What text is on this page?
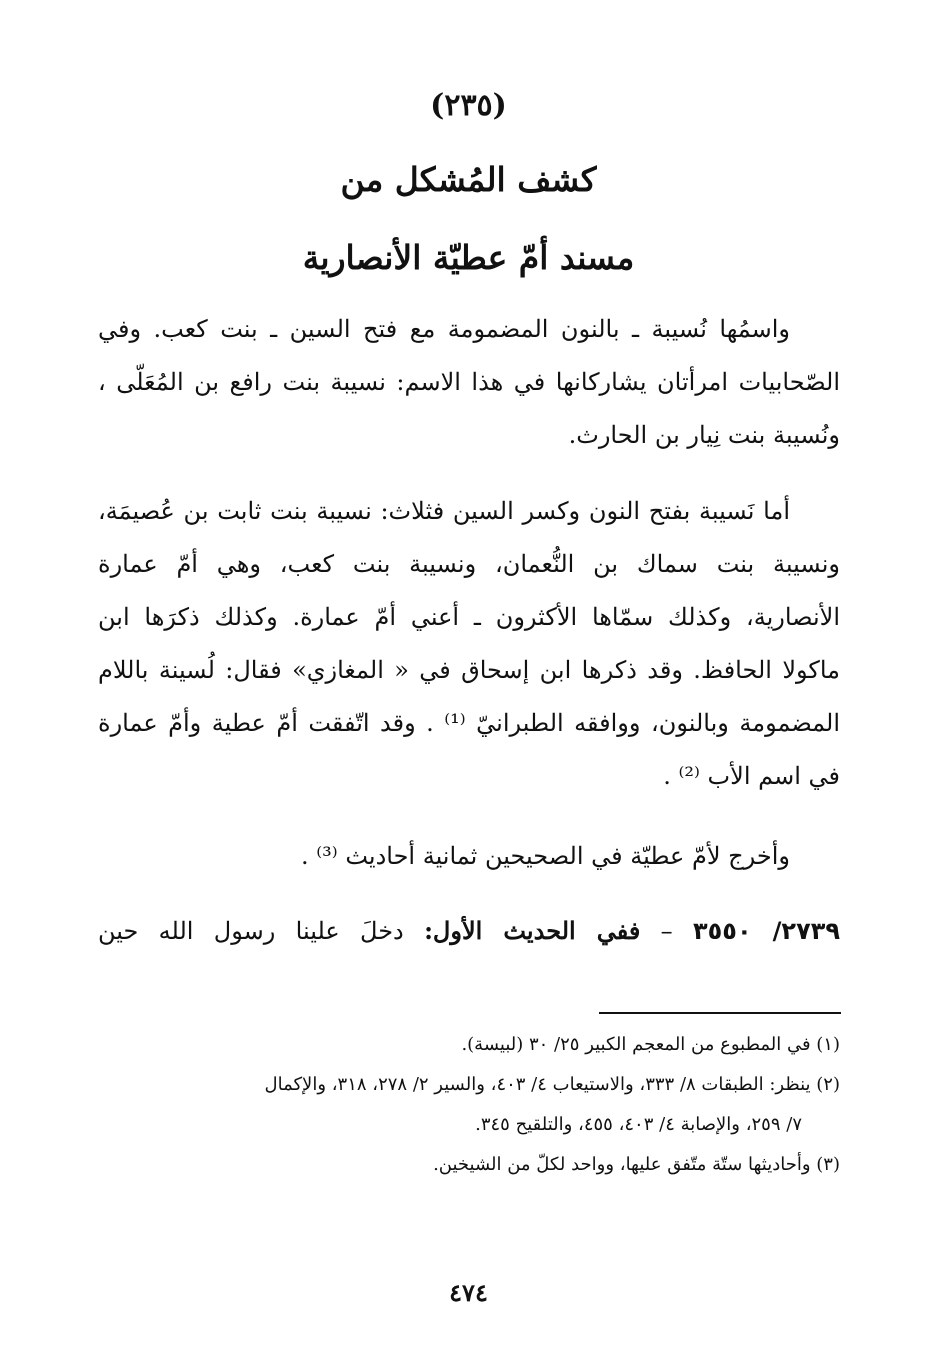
(٢٣٥)
كشف المُشكل من
مسند أمّ عطيّة الأنصارية
واسمُها نُسيبة ـ بالنون المضمومة مع فتح السين ـ بنت كعب. وفي
الصّحابيات امرأتان يشاركانها في هذا الاسم: نسيبة بنت رافع بن المُعَلّى ،
ونُسيبة بنت نِيار بن الحارث.
أما نَسيبة بفتح النون وكسر السين فثلاث: نسيبة بنت ثابت بن عُصيمَة،
ونسيبة بنت سماك بن النُّعمان، ونسيبة بنت كعب، وهي أمّ عمارة
الأنصارية، وكذلك سمّاها الأكثرون ـ أعني أمّ عمارة. وكذلك ذكرَها ابن
ماكولا الحافظ. وقد ذكرها ابن إسحاق في « المغازي» فقال: لُسينة باللام
المضمومة وبالنون، ووافقه الطبرانيّ ⁽¹⁾ . وقد اتّفقت أمّ عطية وأمّ عمارة
في اسم الأب ⁽²⁾ .
وأخرج لأمّ عطيّة في الصحيحين ثمانية أحاديث ⁽³⁾ .
٢٧٣٩/ ٣٥٥٠ – ففي الحديث الأول: دخلَ علينا رسول الله حين
(١) في المطبوع من المعجم الكبير ٢٥/ ٣٠ (لبيسة).
(٢) ينظر: الطبقات ٨/ ٣٣٣، والاستيعاب ٤/ ٤٠٣، والسير ٢/ ٢٧٨، ٣١٨، والإكمال
٧/ ٢٥٩، والإصابة ٤/ ٤٠٣، ٤٥٥، والتلقيح ٣٤٥.
(٣) وأحاديثها ستّة متّفق عليها، وواحد لكلّ من الشيخين.
٤٧٤
